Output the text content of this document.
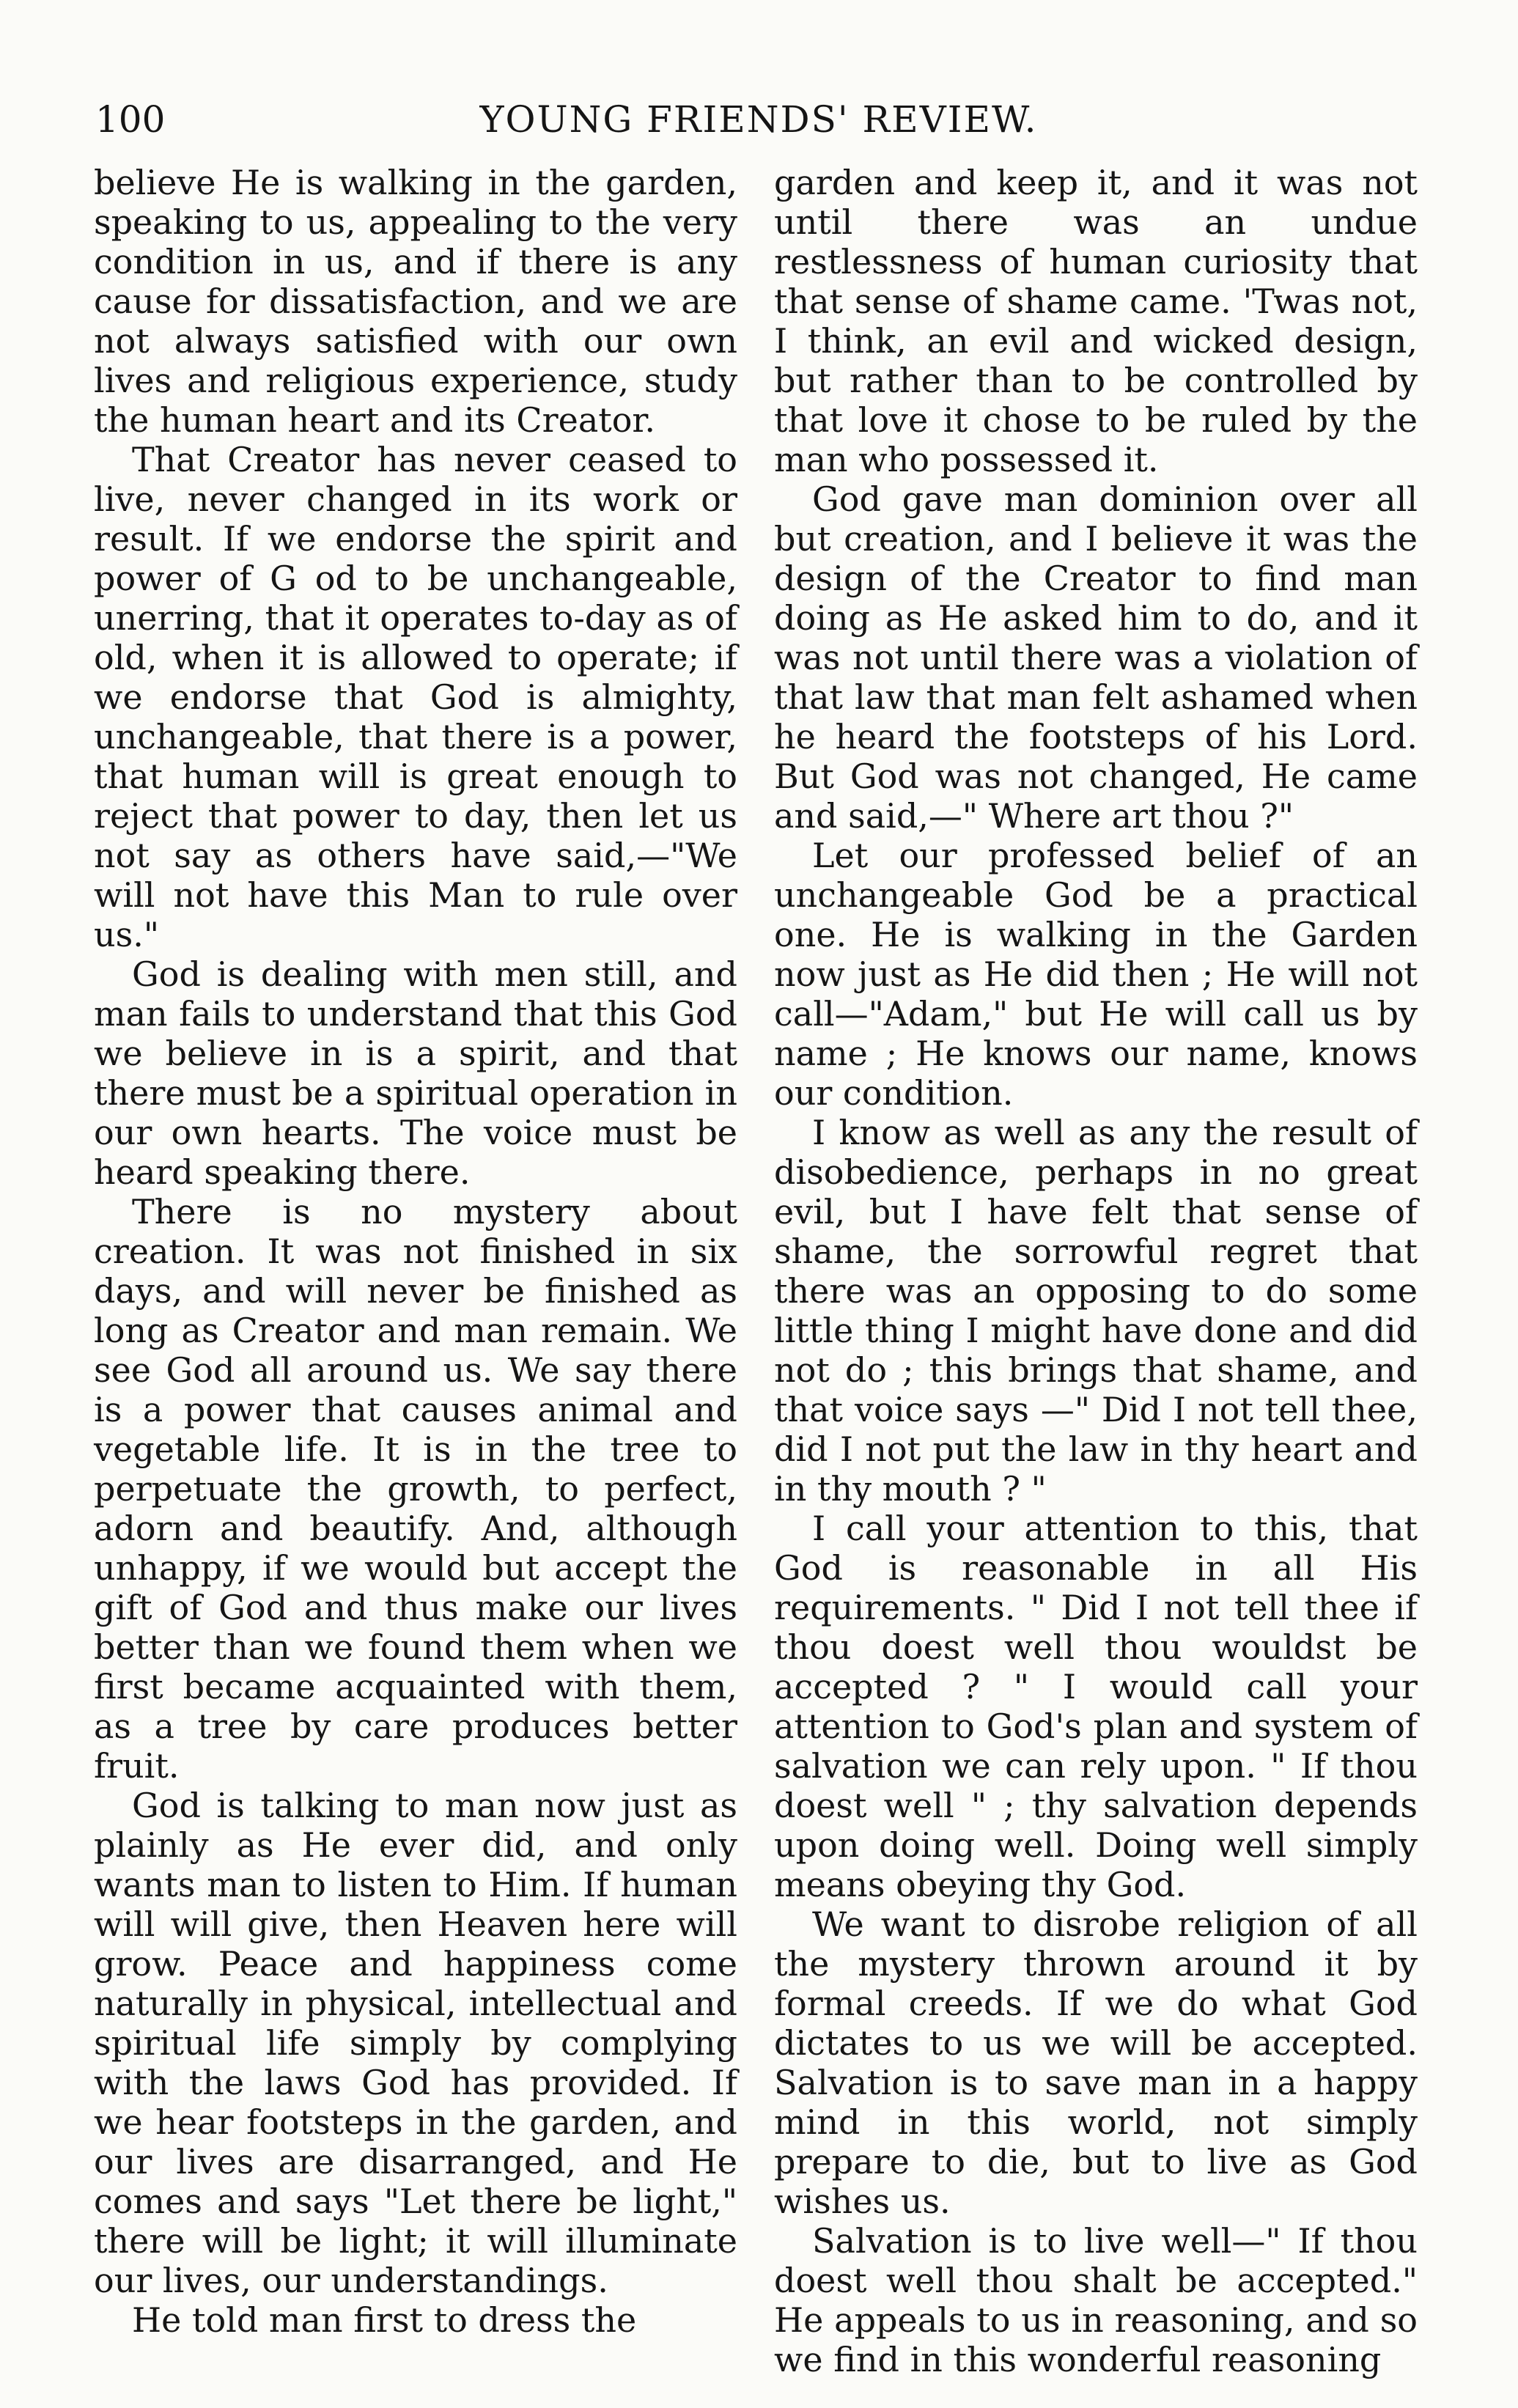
100	YOUNG FRIENDS' REVIEW.

believe He is walking in the garden, speaking to us, appealing to the very condition in us, and if there is any cause for dissatisfaction, and we are not always satisfied with our own lives and religious experience, study the human heart and its Creator.

That Creator has never ceased to live, never changed in its work or result. If we endorse the spirit and power of G od to be unchangeable, unerring, that it operates to-day as of old, when it is allowed to operate; if we endorse that God is almighty, unchangeable, that there is a power, that human will is great enough to reject that power to day, then let us not say as others have said,—"We will not have this Man to rule over us."

God is dealing with men still, and man fails to understand that this God we believe in is a spirit, and that there must be a spiritual operation in our own hearts. The voice must be heard speaking there.

There is no mystery about creation. It was not finished in six days, and will never be finished as long as Creator and man remain. We see God all around us. We say there is a power that causes animal and vegetable life. It is in the tree to perpetuate the growth, to perfect, adorn and beautify. And, although unhappy, if we would but accept the gift of God and thus make our lives better than we found them when we first became acquainted with them, as a tree by care produces better fruit.

God is talking to man now just as plainly as He ever did, and only wants man to listen to Him. If human will will give, then Heaven here will grow. Peace and happiness come naturally in physical, intellectual and spiritual life simply by complying with the laws God has provided. If we hear footsteps in the garden, and our lives are disarranged, and He comes and says "Let there be light," there will be light; it will illuminate our lives, our understandings.

He told man first to dress the

garden and keep it, and it was not until there was an undue restlessness of human curiosity that that sense of shame came. 'Twas not, I think, an evil and wicked design, but rather than to be controlled by that love it chose to be ruled by the man who possessed it.

God gave man dominion over all but creation, and I believe it was the design of the Creator to find man doing as He asked him to do, and it was not until there was a violation of that law that man felt ashamed when he heard the footsteps of his Lord. But God was not changed, He came and said,—" Where art thou ?"

Let our professed belief of an unchangeable God be a practical one. He is walking in the Garden now just as He did then ; He will not call—"Adam," but He will call us by name ; He knows our name, knows our condition.

I know as well as any the result of disobedience, perhaps in no great evil, but I have felt that sense of shame, the sorrowful regret that there was an opposing to do some little thing I might have done and did not do ; this brings that shame, and that voice says —" Did I not tell thee, did I not put the law in thy heart and in thy mouth ? "

I call your attention to this, that God is reasonable in all His requirements. " Did I not tell thee if thou doest well thou wouldst be accepted ? " I would call your attention to God's plan and system of salvation we can rely upon. " If thou doest well " ; thy salvation depends upon doing well. Doing well simply means obeying thy God.

We want to disrobe religion of all the mystery thrown around it by formal creeds. If we do what God dictates to us we will be accepted. Salvation is to save man in a happy mind in this world, not simply prepare to die, but to live as God wishes us.

Salvation is to live well—" If thou doest well thou shalt be accepted." He appeals to us in reasoning, and so we find in this wonderful reasoning
